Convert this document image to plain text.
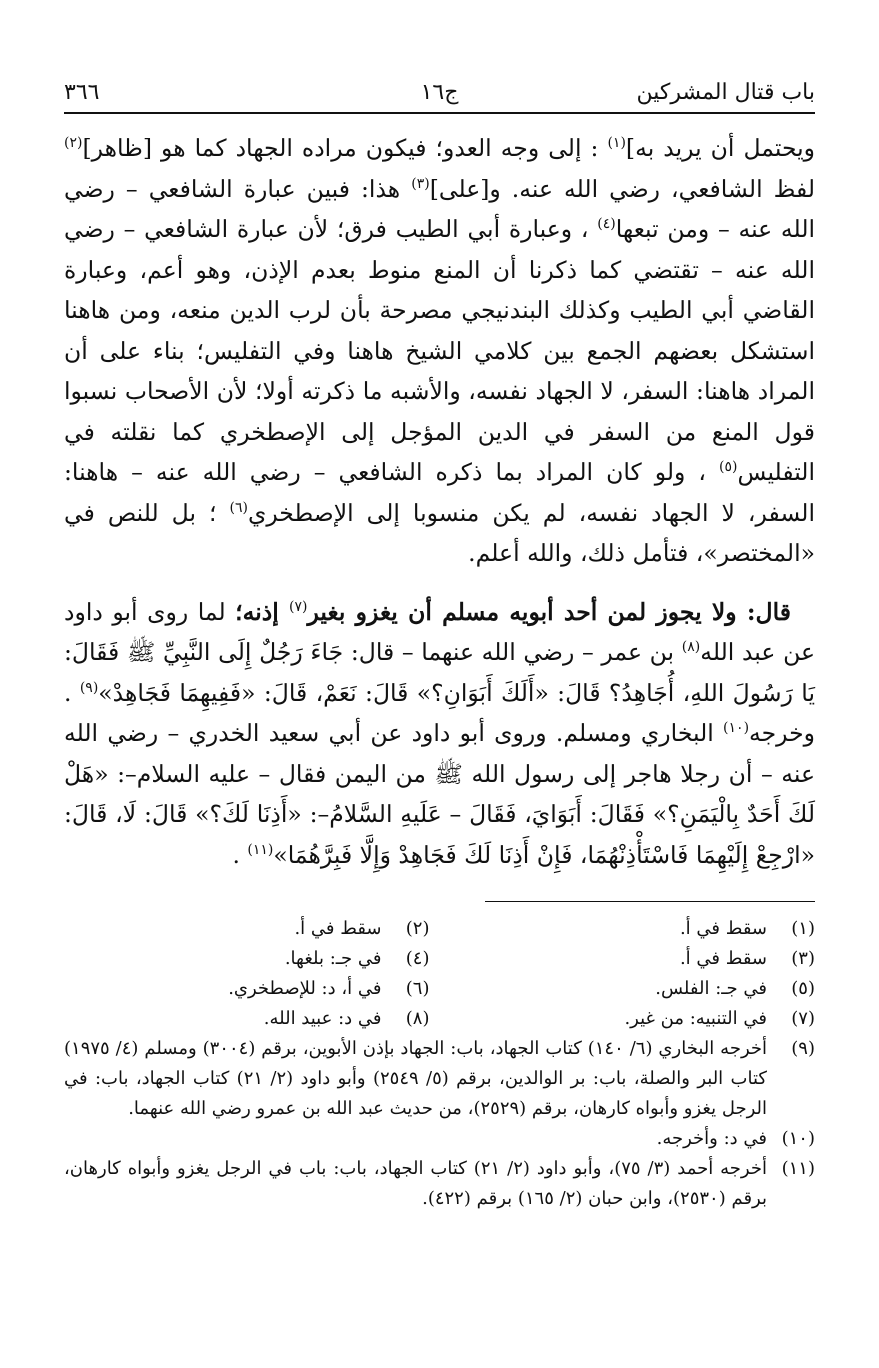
باب قتال المشركين
ج١٦
٣٦٦

ويحتمل أن يريد به]$^{(١)}$ : إلى وجه العدو؛ فيكون مراده الجهاد كما هو [ظاهر]$^{(٢)}$ لفظ الشافعي، رضي الله عنه. و[على]$^{(٣)}$ هذا: فبين عبارة الشافعي – رضي الله عنه – ومن تبعها$^{(٤)}$ ، وعبارة أبي الطيب فرق؛ لأن عبارة الشافعي – رضي الله عنه – تقتضي كما ذكرنا أن المنع منوط بعدم الإذن، وهو أعم، وعبارة القاضي أبي الطيب وكذلك البندنيجي مصرحة بأن لرب الدين منعه، ومن هاهنا استشكل بعضهم الجمع بين كلامي الشيخ هاهنا وفي التفليس؛ بناء على أن المراد هاهنا: السفر، لا الجهاد نفسه، والأشبه ما ذكرته أولا؛ لأن الأصحاب نسبوا قول المنع من السفر في الدين المؤجل إلى الإصطخري كما نقلته في التفليس$^{(٥)}$ ، ولو كان المراد بما ذكره الشافعي – رضي الله عنه – هاهنا: السفر، لا الجهاد نفسه، لم يكن منسوبا إلى الإصطخري$^{(٦)}$ ؛ بل للنص في «المختصر»، فتأمل ذلك، والله أعلم.

قال: ولا يجوز لمن أحد أبويه مسلم أن يغزو بغير$^{(٧)}$ إذنه؛ لما روى أبو داود عن عبد الله$^{(٨)}$ بن عمر – رضي الله عنهما – قال: جَاءَ رَجُلٌ إِلَى النَّبِيِّ ﷺ فَقَالَ: يَا رَسُولَ اللهِ، أُجَاهِدُ؟ قَالَ: «أَلَكَ أَبَوَانِ؟» قَالَ: نَعَمْ، قَالَ: «فَفِيهِمَا فَجَاهِدْ»$^{(٩)}$ . وخرجه$^{(١٠)}$ البخاري ومسلم. وروى أبو داود عن أبي سعيد الخدري – رضي الله عنه – أن رجلا هاجر إلى رسول الله ﷺ من اليمن فقال – عليه السلام–: «هَلْ لَكَ أَحَدٌ بِالْيَمَنِ؟» فَقَالَ: أَبَوَايَ، فَقَالَ – عَلَيهِ السَّلامُ–: «أَذِنَا لَكَ؟» قَالَ: لَا، قَالَ: «ارْجِعْ إِلَيْهِمَا فَاسْتَأْذِنْهُمَا، فَإِنْ أَذِنَا لَكَ فَجَاهِدْ وَإِلَّا فَبِرَّهُمَا»$^{(١١)}$ .

(١)
سقط في أ.
(٢)
سقط في أ.
(٣)
سقط في أ.
(٤)
في جـ: بلغها.
(٥)
في جـ: الفلس.
(٦)
في أ، د: للإصطخري.
(٧)
في التنبيه: من غير.
(٨)
في د: عبيد الله.
(٩)
أخرجه البخاري (٦/ ١٤٠) كتاب الجهاد، باب: الجهاد بإذن الأبوين، برقم (٣٠٠٤) ومسلم (٤/ ١٩٧٥) كتاب البر والصلة، باب: بر الوالدين، برقم (٥/ ٢٥٤٩) وأبو داود (٢/ ٢١) كتاب الجهاد، باب: في الرجل يغزو وأبواه كارهان، برقم (٢٥٢٩)، من حديث عبد الله بن عمرو رضي الله عنهما.
(١٠)
في د: وأخرجه.
(١١)
أخرجه أحمد (٣/ ٧٥)، وأبو داود (٢/ ٢١) كتاب الجهاد، باب: باب في الرجل يغزو وأبواه كارهان، برقم (٢٥٣٠)، وابن حبان (٢/ ١٦٥) برقم (٤٢٢).
